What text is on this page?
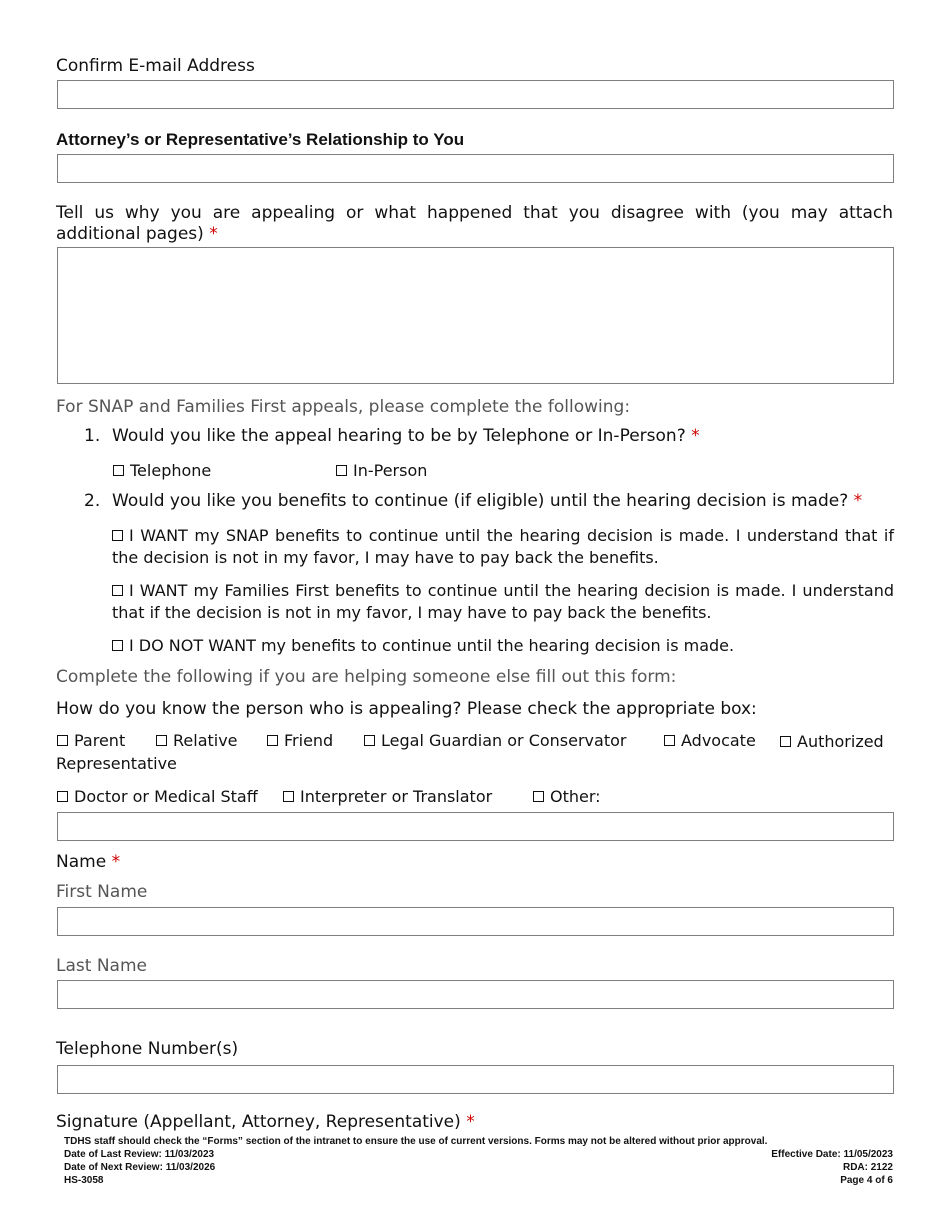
Confirm E-mail Address
Attorney’s or Representative’s Relationship to You
Tell us why you are appealing or what happened that you disagree with (you may attach additional pages) *
For SNAP and Families First appeals, please complete the following:
1. Would you like the appeal hearing to be by Telephone or In-Person? *
Telephone	In-Person
2. Would you like you benefits to continue (if eligible) until the hearing decision is made? *
I WANT my SNAP benefits to continue until the hearing decision is made. I understand that if the decision is not in my favor, I may have to pay back the benefits.
I WANT my Families First benefits to continue until the hearing decision is made. I understand that if the decision is not in my favor, I may have to pay back the benefits.
I DO NOT WANT my benefits to continue until the hearing decision is made.
Complete the following if you are helping someone else fill out this form:
How do you know the person who is appealing? Please check the appropriate box:
Parent	Relative	Friend	Legal Guardian or Conservator	Advocate	Authorized Representative
Doctor or Medical Staff	Interpreter or Translator	Other:
Name *
First Name
Last Name
Telephone Number(s)
Signature (Appellant, Attorney, Representative) *
TDHS staff should check the “Forms” section of the intranet to ensure the use of current versions. Forms may not be altered without prior approval.
Date of Last Review: 11/03/2023
Date of Next Review: 11/03/2026
HS-3058
Effective Date: 11/05/2023
RDA: 2122
Page 4 of 6
